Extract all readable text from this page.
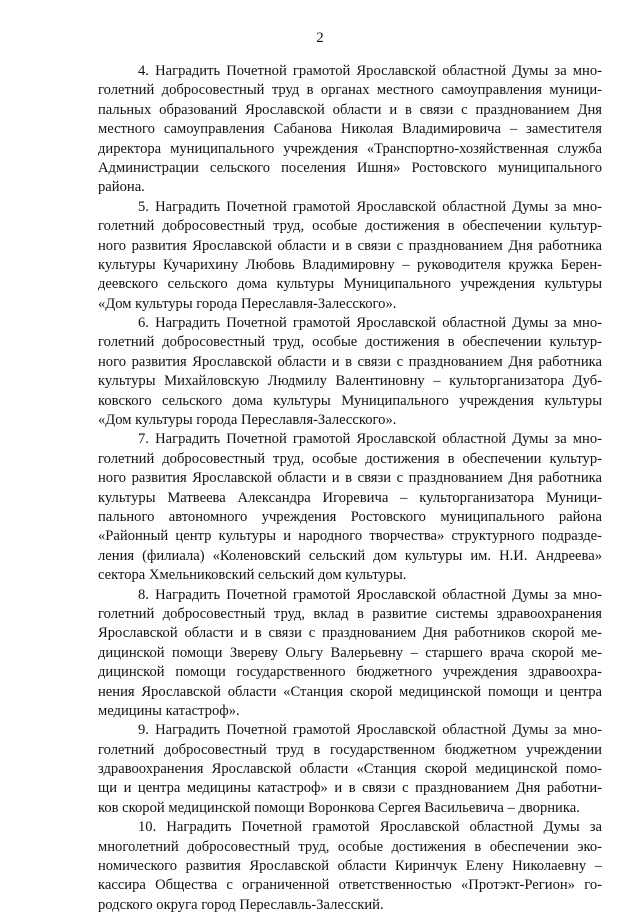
2
4. Наградить Почетной грамотой Ярославской областной Думы за мно-
голетний добросовестный труд в органах местного самоуправления муници-
пальных образований Ярославской области и в связи с празднованием Дня
местного самоуправления Сабанова Николая Владимировича – заместителя
директора муниципального учреждения «Транспортно-хозяйственная служба
Администрации сельского поселения Ишня» Ростовского муниципального
района.
5. Наградить Почетной грамотой Ярославской областной Думы за мно-
голетний добросовестный труд, особые достижения в обеспечении культур-
ного развития Ярославской области и в связи с празднованием Дня работника
культуры Кучарихину Любовь Владимировну – руководителя кружка Берен-
деевского сельского дома культуры Муниципального учреждения культуры
«Дом культуры города Переславля-Залесского».
6. Наградить Почетной грамотой Ярославской областной Думы за мно-
голетний добросовестный труд, особые достижения в обеспечении культур-
ного развития Ярославской области и в связи с празднованием Дня работника
культуры Михайловскую Людмилу Валентиновну – культорганизатора Дуб-
ковского сельского дома культуры Муниципального учреждения культуры
«Дом культуры города Переславля-Залесского».
7. Наградить Почетной грамотой Ярославской областной Думы за мно-
голетний добросовестный труд, особые достижения в обеспечении культур-
ного развития Ярославской области и в связи с празднованием Дня работника
культуры Матвеева Александра Игоревича – культорганизатора Муници-
пального автономного учреждения Ростовского муниципального района
«Районный центр культуры и народного творчества» структурного подразде-
ления (филиала) «Коленовский сельский дом культуры им. Н.И. Андреева»
сектора Хмельниковский сельский дом культуры.
8. Наградить Почетной грамотой Ярославской областной Думы за мно-
голетний добросовестный труд, вклад в развитие системы здравоохранения
Ярославской области и в связи с празднованием Дня работников скорой ме-
дицинской помощи Звереву Ольгу Валерьевну – старшего врача скорой ме-
дицинской помощи государственного бюджетного учреждения здравоохра-
нения Ярославской области «Станция скорой медицинской помощи и центра
медицины катастроф».
9. Наградить Почетной грамотой Ярославской областной Думы за мно-
голетний добросовестный труд в государственном бюджетном учреждении
здравоохранения Ярославской области «Станция скорой медицинской помо-
щи и центра медицины катастроф» и в связи с празднованием Дня работни-
ков скорой медицинской помощи Воронкова Сергея Васильевича – дворника.
10. Наградить Почетной грамотой Ярославской областной Думы за
многолетний добросовестный труд, особые достижения в обеспечении эко-
номического развития Ярославской области Киринчук Елену Николаевну –
кассира Общества с ограниченной ответственностью «Протэкт-Регион» го-
родского округа город Переславль-Залесский.
